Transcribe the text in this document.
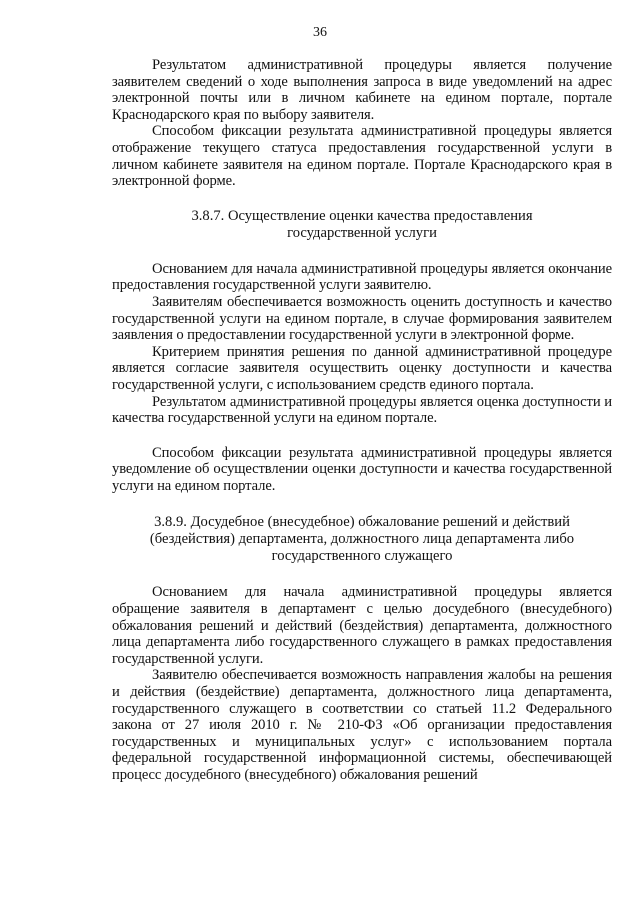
36

Результатом административной процедуры является получение заявителем сведений о ходе выполнения запроса в виде уведомлений на адрес электронной почты или в личном кабинете на едином портале, портале Краснодарского края по выбору заявителя.

Способом фиксации результата административной процедуры является отображение текущего статуса предоставления государственной услуги в личном кабинете заявителя на едином портале. Портале Краснодарского края в электронной форме.

3.8.7. Осуществление оценки качества предоставления государственной услуги

Основанием для начала административной процедуры является окончание предоставления государственной услуги заявителю.

Заявителям обеспечивается возможность оценить доступность и качество государственной услуги на едином портале, в случае формирования заявителем заявления о предоставлении государственной услуги в электронной форме.

Критерием принятия решения по данной административной процедуре является согласие заявителя осуществить оценку доступности и качества государственной услуги, с использованием средств единого портала.

Результатом административной процедуры является оценка доступности и качества государственной услуги на едином портале.

Способом фиксации результата административной процедуры является уведомление об осуществлении оценки доступности и качества государственной услуги на едином портале.

3.8.9. Досудебное (внесудебное) обжалование решений и действий (бездействия) департамента, должностного лица департамента либо государственного служащего

Основанием для начала административной процедуры является обращение заявителя в департамент с целью досудебного (внесудебного) обжалования решений и действий (бездействия) департамента, должностного лица департамента либо государственного служащего в рамках предоставления государственной услуги.

Заявителю обеспечивается возможность направления жалобы на решения и действия (бездействие) департамента, должностного лица департамента, государственного служащего в соответствии со статьей 11.2 Федерального закона от 27 июля 2010 г. № 210-ФЗ «Об организации предоставления государственных и муниципальных услуг» с использованием портала федеральной государственной информационной системы, обеспечивающей процесс досудебного (внесудебного) обжалования решений
